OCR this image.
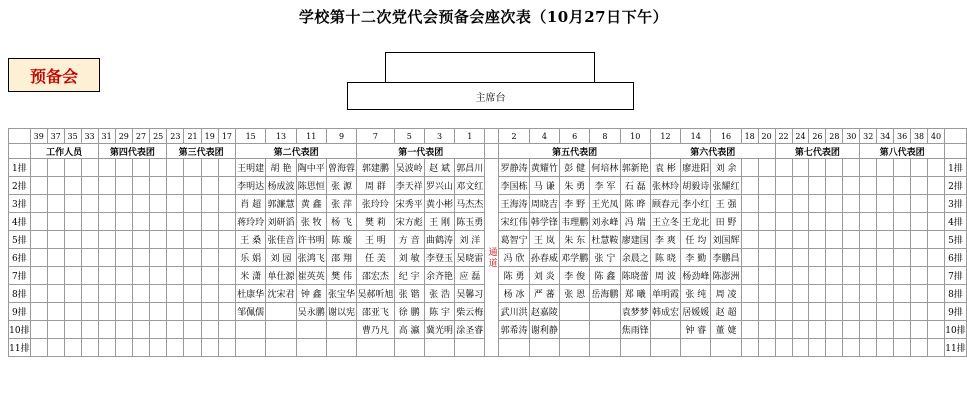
学校第十二次党代会预备会座次表（10月27日下午）
预备会
主席台
	39	37	35	33	31	29	27	25	23	21	19	17	15	13	11	9	7	5	3	1		2	4	6	8	10	12	14	16	18	20	22	24	26	28	30	32	34	36	38	40	
	工作人员				第四代表团				第三代表团				第二代表团				第一代表团					第五代表团					第六代表团					第七代表团					第八代表团					
1排													王明建	胡 艳	陶中平	曾海蓉	郭建鹏	吴波岭	赵 斌	郭昌川	通道	罗静涛	黄耀竹	彭 健	何培林	郭新艳	袁 彬	廖进阳	刘 余													1排
2排													李明达	杨成波	陈思恒	张 源	周 群	李天祥	罗兴山	邓文红		李国栋	马 谦	朱 勇	李 军	石 磊	张林玲	胡毅诗	张耀红													2排
3排													肖 超	郭濂慧	黄 鑫	张 萍	张玲玲	宋秀平	黄小彬	马杰杰		王海涛	周晓吉	李 野	王光凤	陈 晔	顾春元	李小红	王 强													3排
4排													蒋玲玲	刘研滔	张 牧	杨 飞	樊 莉	宋方彪	王 刚	陈玉勇		宋红伟	韩学锋	韦理鹏	刘永峰	冯 瑞	王立冬	王龙北	田 野													4排
5排													王 桑	张佳音	许书明	陈 璇	王 明	方 音	曲鹤涛	刘 洋		葛智宁	王 岚	朱 东	杜慧鞍	廖建国	李 爽	任 均	刘国辉													5排
6排													乐 娟	刘 园	张鸿飞	邵 翔	任 美	刘 敏	李登玉	吴晓雷		冯 欣	孙春威	邓学鹏	张 宁	余晨之	陈 晓	李 勤	李鹏昌													6排
7排													米 潇	单仕源	崔英英	樊 伟	邵宏杰	纪 宇	余齐艳	应 磊		陈 勇	刘 炎	李 俊	陈 鑫	陈晓蕾	周 波	杨劲峰	陈澎洲													7排
8排													杜康华	沈宋君	钟 鑫	张宝华	吴郝听旭	张 锴	张 浩	吴馨习		杨 冰	严 蕃	张 恩	岳海鹏	郑 曦	单明霞	张 纯	周 凌													8排
9排													邹佩儒		吴永鹏	谢以宪	邵亚飞	徐 鹏	陈 宇	柴云梅		武川洪	赵嘉陵			袁梦梦	韩成宏	居媛媛	赵 超													9排
10排																	曹乃凡	高 瀛	冀光明	涂圣睿		郭希涛	谢利静			焦雨锋		钟 睿	董 婕													10排
11排																																										11排
